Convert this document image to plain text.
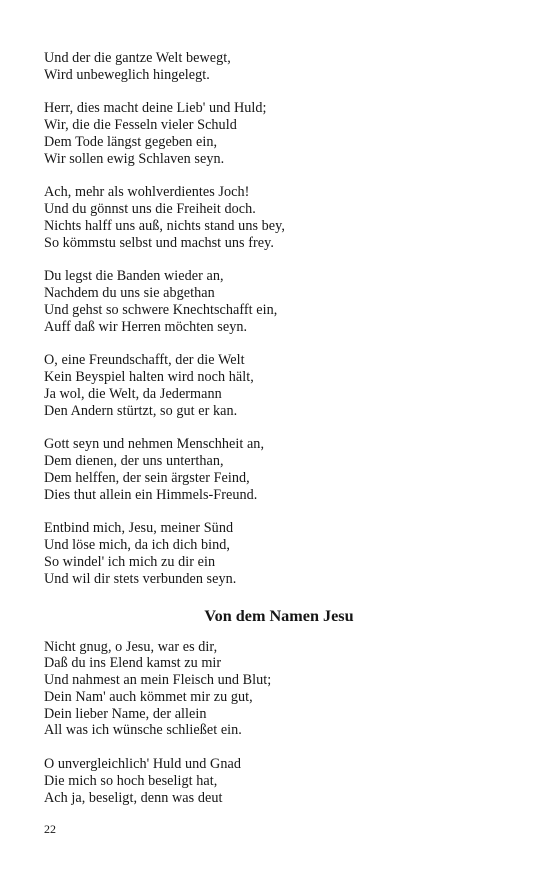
Und der die gantze Welt bewegt,
Wird unbeweglich hingelegt.
Herr, dies macht deine Lieb' und Huld;
Wir, die die Fesseln vieler Schuld
Dem Tode längst gegeben ein,
Wir sollen ewig Schlaven seyn.
Ach, mehr als wohlverdientes Joch!
Und du gönnst uns die Freiheit doch.
Nichts halff uns auß, nichts stand uns bey,
So kömmstu selbst und machst uns frey.
Du legst die Banden wieder an,
Nachdem du uns sie abgethan
Und gehst so schwere Knechtschafft ein,
Auff daß wir Herren möchten seyn.
O, eine Freundschafft, der die Welt
Kein Beyspiel halten wird noch hält,
Ja wol, die Welt, da Jedermann
Den Andern stürtzt, so gut er kan.
Gott seyn und nehmen Menschheit an,
Dem dienen, der uns unterthan,
Dem helffen, der sein ärgster Feind,
Dies thut allein ein Himmels-Freund.
Entbind mich, Jesu, meiner Sünd
Und löse mich, da ich dich bind,
So windel' ich mich zu dir ein
Und wil dir stets verbunden seyn.
Von dem Namen Jesu
Nicht gnug, o Jesu, war es dir,
Daß du ins Elend kamst zu mir
Und nahmest an mein Fleisch und Blut;
Dein Nam' auch kömmet mir zu gut,
Dein lieber Name, der allein
All was ich wünsche schließet ein.
O unvergleichlich' Huld und Gnad
Die mich so hoch beseligt hat,
Ach ja, beseligt, denn was deut
22
